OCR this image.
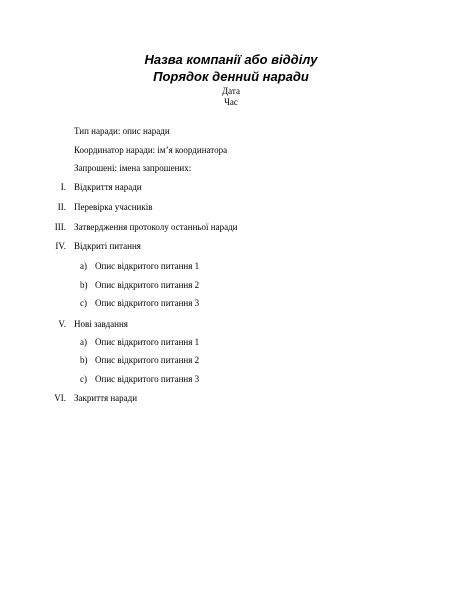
Назва компанії або відділу
Порядок денний наради
Дата
Час
Тип наради: опис наради
Координатор наради: ім’я координатора
Запрошені: імена запрошених:
I. Відкриття наради
II. Перевірка учасників
III. Затвердження протоколу останньої наради
IV. Відкриті питання
a) Опис відкритого питання 1
b) Опис відкритого питання 2
c) Опис відкритого питання 3
V. Нові завдання
a) Опис відкритого питання 1
b) Опис відкритого питання 2
c) Опис відкритого питання 3
VI. Закриття наради
